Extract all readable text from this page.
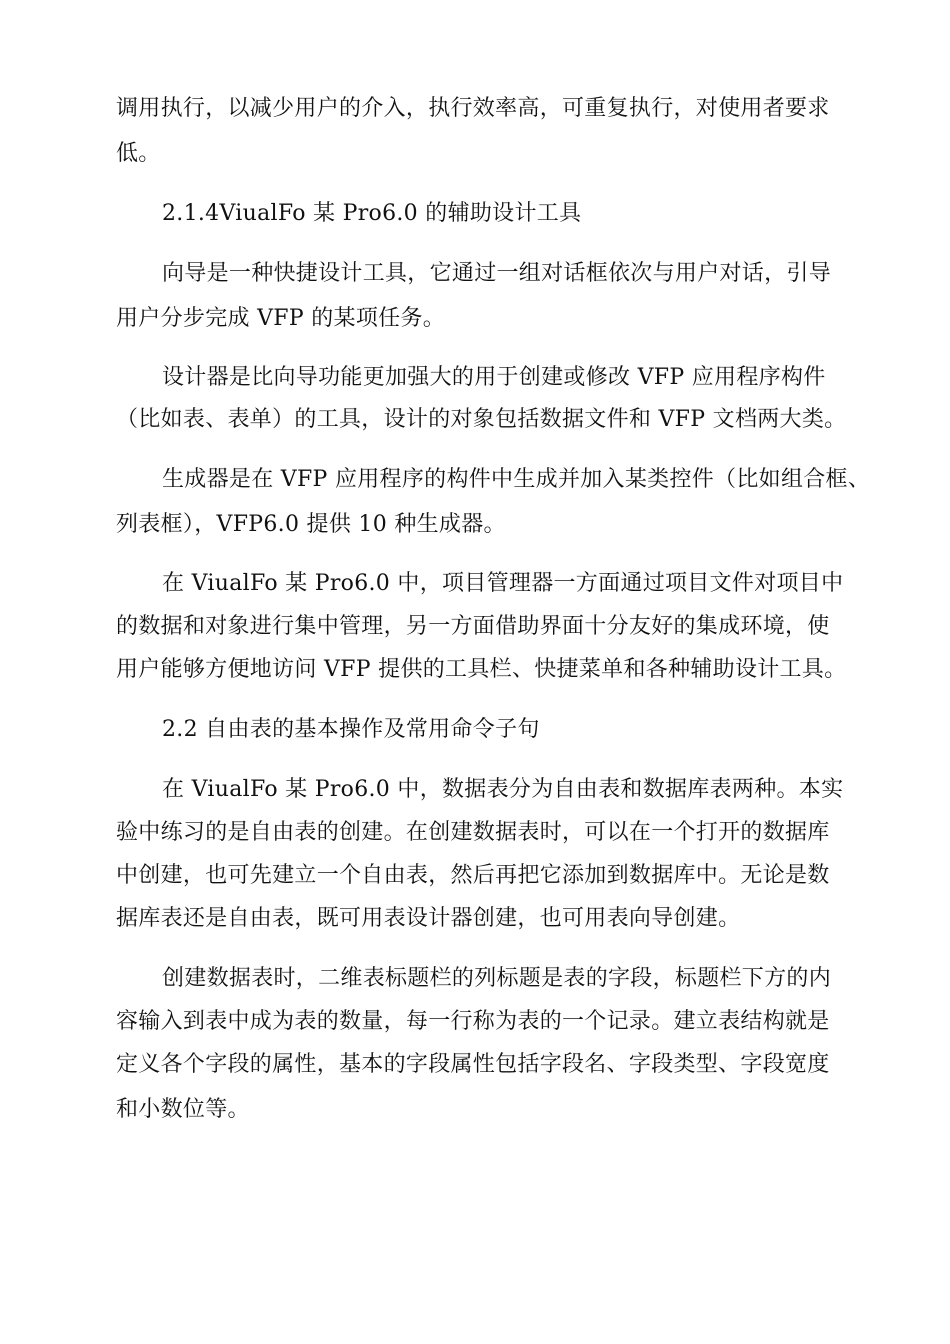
调用执行，以减少用户的介入，执行效率高，可重复执行，对使用者要求
低。
2.1.4ViualFo 某 Pro6.0 的辅助设计工具
向导是一种快捷设计工具，它通过一组对话框依次与用户对话，引导
用户分步完成 VFP 的某项任务。
设计器是比向导功能更加强大的用于创建或修改 VFP 应用程序构件
（比如表、表单）的工具，设计的对象包括数据文件和 VFP 文档两大类。
生成器是在 VFP 应用程序的构件中生成并加入某类控件（比如组合框、
列表框），VFP6.0 提供 10 种生成器。
在 ViualFo 某 Pro6.0 中，项目管理器一方面通过项目文件对项目中
的数据和对象进行集中管理，另一方面借助界面十分友好的集成环境，使
用户能够方便地访问 VFP 提供的工具栏、快捷菜单和各种辅助设计工具。
2.2 自由表的基本操作及常用命令子句
在 ViualFo 某 Pro6.0 中，数据表分为自由表和数据库表两种。本实
验中练习的是自由表的创建。在创建数据表时，可以在一个打开的数据库
中创建，也可先建立一个自由表，然后再把它添加到数据库中。无论是数
据库表还是自由表，既可用表设计器创建，也可用表向导创建。
创建数据表时，二维表标题栏的列标题是表的字段，标题栏下方的内
容输入到表中成为表的数量，每一行称为表的一个记录。建立表结构就是
定义各个字段的属性，基本的字段属性包括字段名、字段类型、字段宽度
和小数位等。
